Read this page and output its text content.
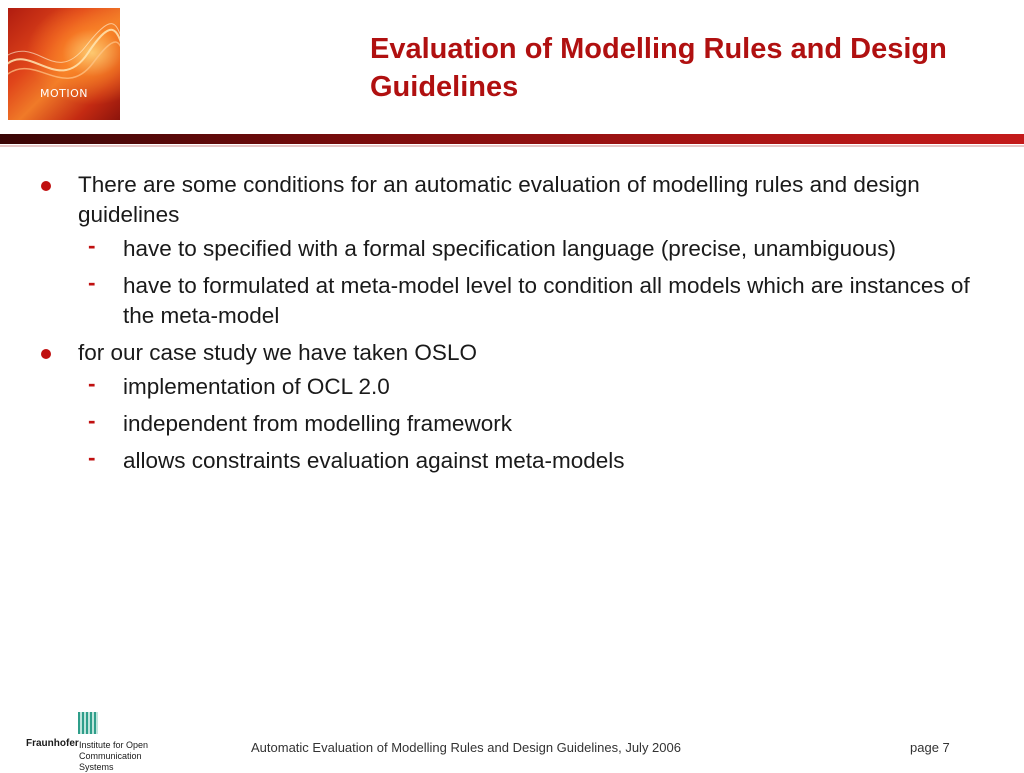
MOTION
Evaluation of Modelling Rules and Design Guidelines
There are some conditions for an automatic evaluation of modelling rules and design guidelines
- have to specified with a formal specification language (precise, unambiguous)
- have to formulated at meta-model level to condition all models which are instances of the meta-model
for our case study we have taken OSLO
- implementation of OCL 2.0
- independent from modelling framework
- allows constraints evaluation against meta-models
Fraunhofer Institute for Open
Communication Systems
Automatic Evaluation of Modelling Rules and Design Guidelines, July 2006	page 7
